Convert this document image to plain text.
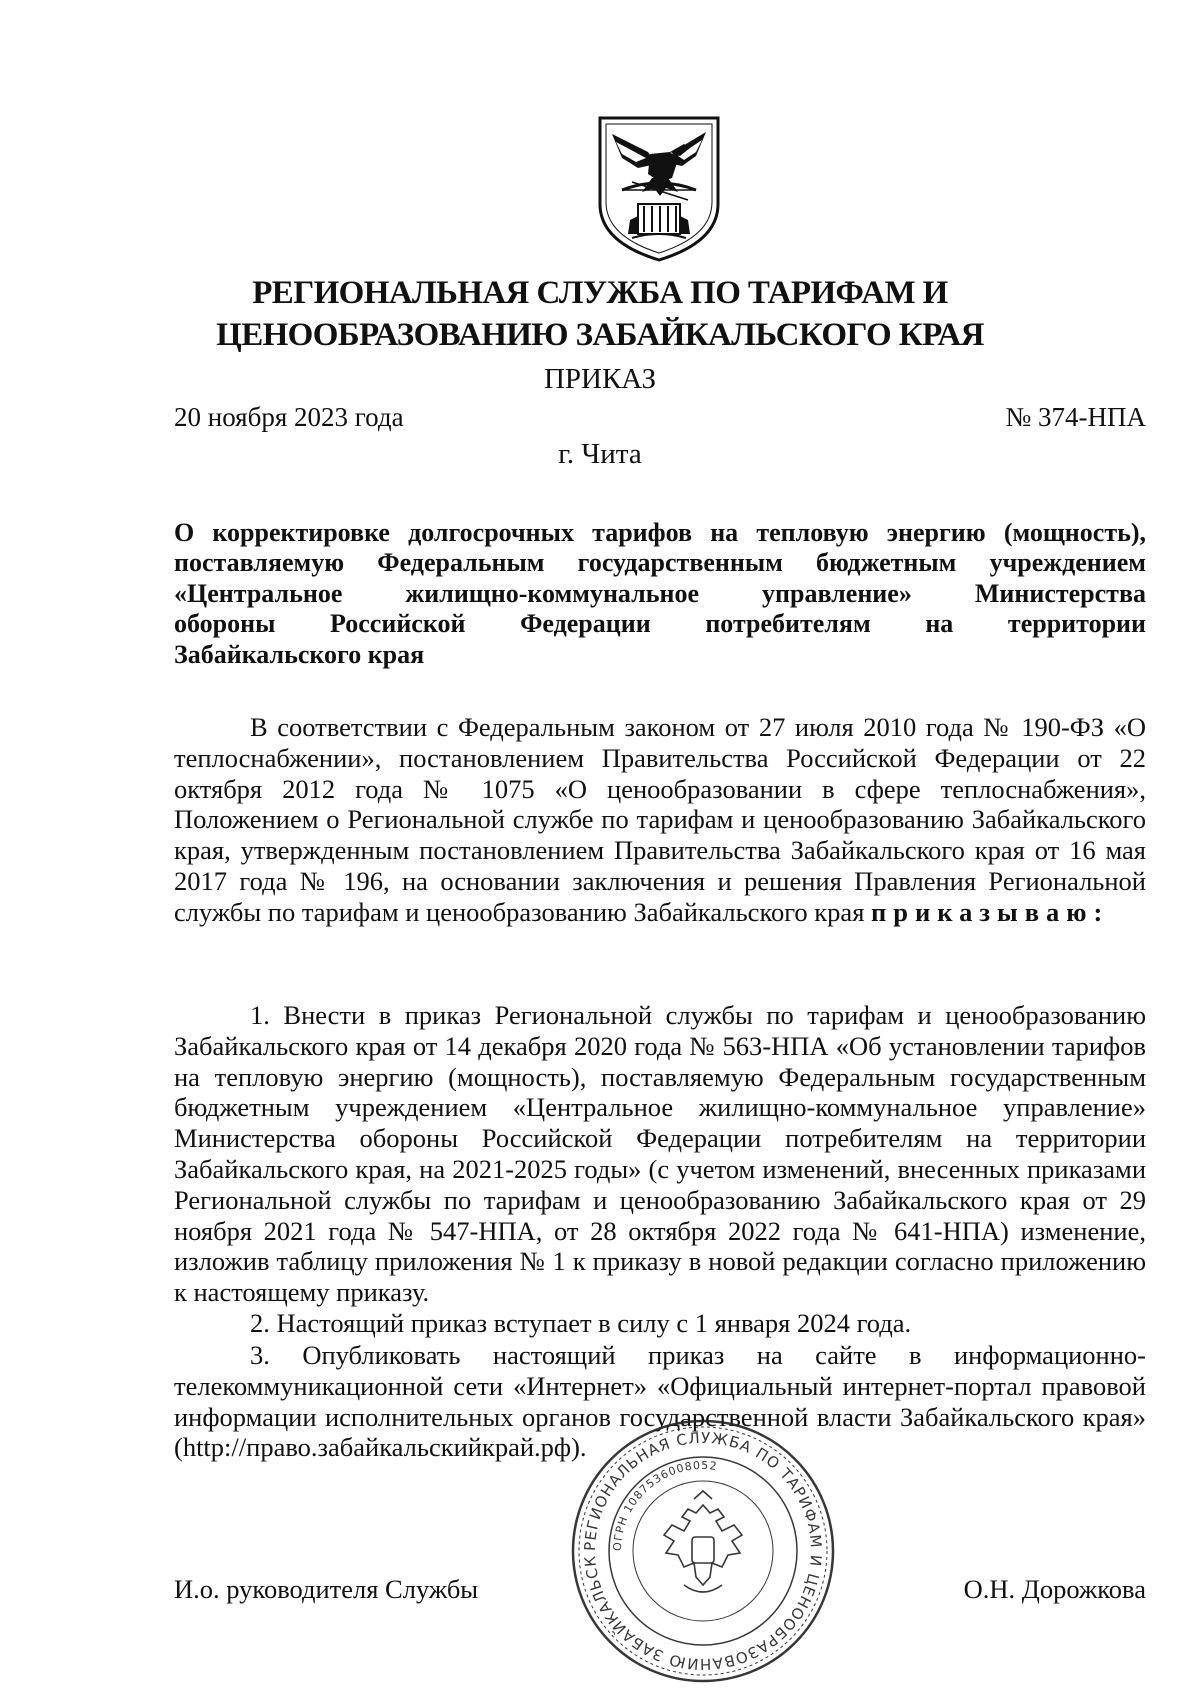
РЕГИОНАЛЬНАЯ СЛУЖБА ПО ТАРИФАМ И
ЦЕНООБРАЗОВАНИЮ ЗАБАЙКАЛЬСКОГО КРАЯ
ПРИКАЗ
20 ноября 2023 года	№ 374-НПА
г. Чита
О корректировке долгосрочных тарифов на тепловую энергию (мощность),
поставляемую Федеральным государственным бюджетным учреждением
«Центральное жилищно-коммунальное управление» Министерства
обороны Российской Федерации потребителям на территории
Забайкальского края

В соответствии с Федеральным законом от 27 июля 2010 года № 190-ФЗ «О теплоснабжении», постановлением Правительства Российской Федерации от 22 октября 2012 года № 1075 «О ценообразовании в сфере теплоснабжения», Положением о Региональной службе по тарифам и ценообразованию Забайкальского края, утвержденным постановлением Правительства Забайкальского края от 16 мая 2017 года № 196, на основании заключения и решения Правления Региональной службы по тарифам и ценообразованию Забайкальского края приказываю:

1. Внести в приказ Региональной службы по тарифам и ценообразованию Забайкальского края от 14 декабря 2020 года № 563-НПА «Об установлении тарифов на тепловую энергию (мощность), поставляемую Федеральным государственным бюджетным учреждением «Центральное жилищно-коммунальное управление» Министерства обороны Российской Федерации потребителям на территории Забайкальского края, на 2021-2025 годы» (с учетом изменений, внесенных приказами Региональной службы по тарифам и ценообразованию Забайкальского края от 29 ноября 2021 года № 547-НПА, от 28 октября 2022 года № 641-НПА) изменение, изложив таблицу приложения № 1 к приказу в новой редакции согласно приложению к настоящему приказу.

2. Настоящий приказ вступает в силу с 1 января 2024 года.

3. Опубликовать настоящий приказ на сайте в информационно-телекоммуникационной сети «Интернет» «Официальный интернет-портал правовой информации исполнительных органов государственной власти Забайкальского края» (http://право.забайкальскийкрай.рф).

И.о. руководителя Службы	О.Н. Дорожкова
РЕГИОНАЛЬНАЯ СЛУЖБА ПО ТАРИФАМ И ЦЕНООБРАЗОВАНИЮ ЗАБАЙКАЛЬСК
ОГРН 1087536008052
